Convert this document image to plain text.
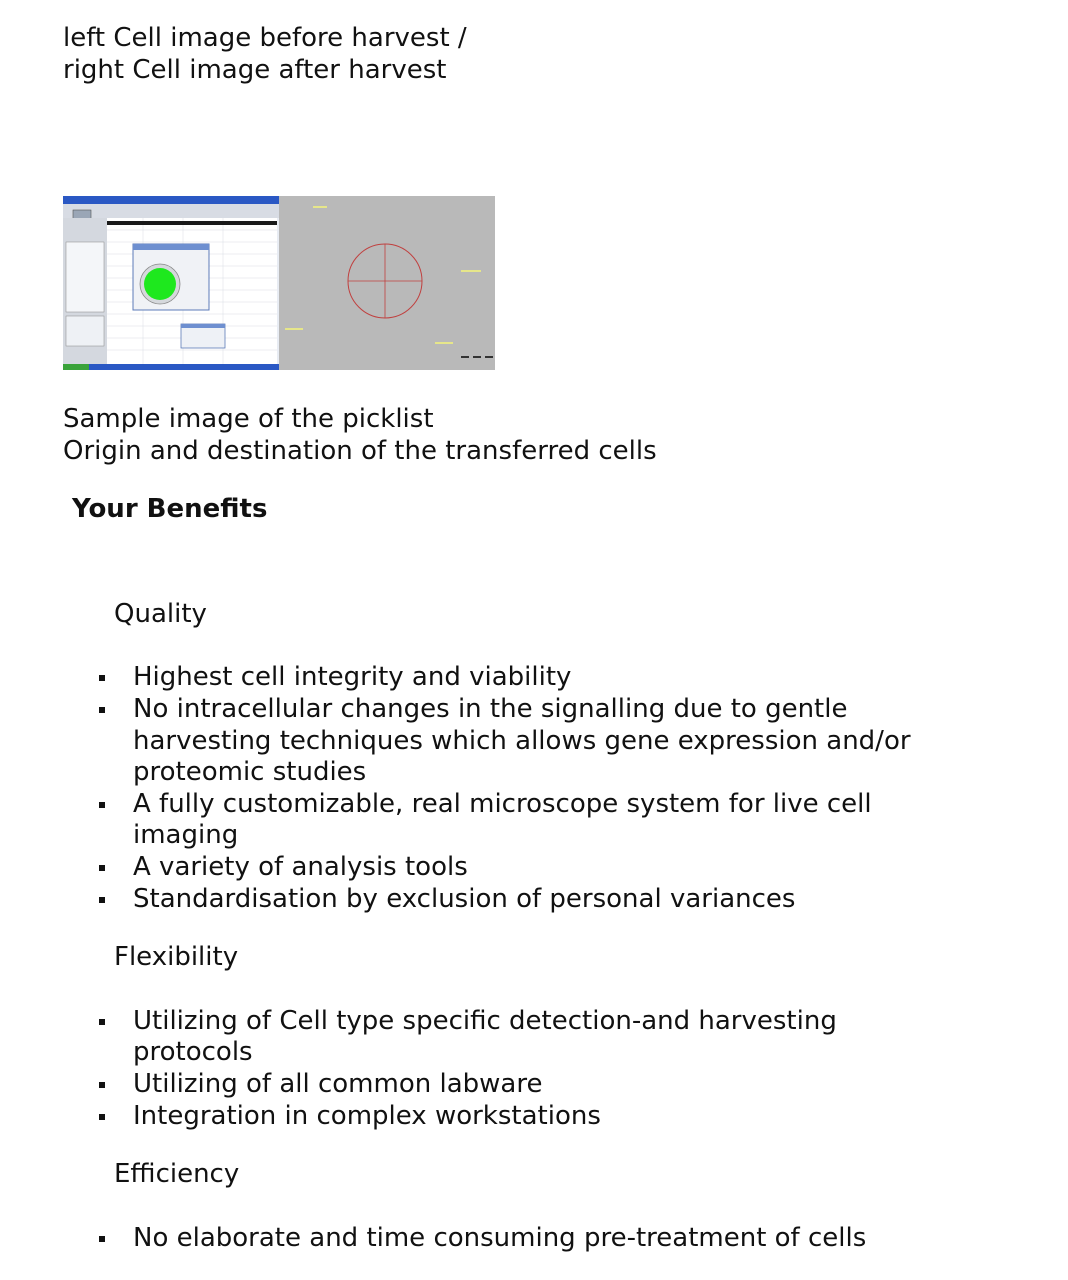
left Cell image before harvest /
right Cell image after harvest
Sample image of the picklist
Origin and destination of the transferred cells
Your Benefits
Quality
Highest cell integrity and viability
No intracellular changes in the signalling due to gentle
harvesting techniques which allows gene expression and/or
proteomic studies
A fully customizable, real microscope system for live cell
imaging
A variety of analysis tools
Standardisation by exclusion of personal variances
Flexibility
Utilizing of Cell type specific detection-and harvesting
protocols
Utilizing of all common labware
Integration in complex workstations
Efficiency
No elaborate and time consuming pre-treatment of cells
